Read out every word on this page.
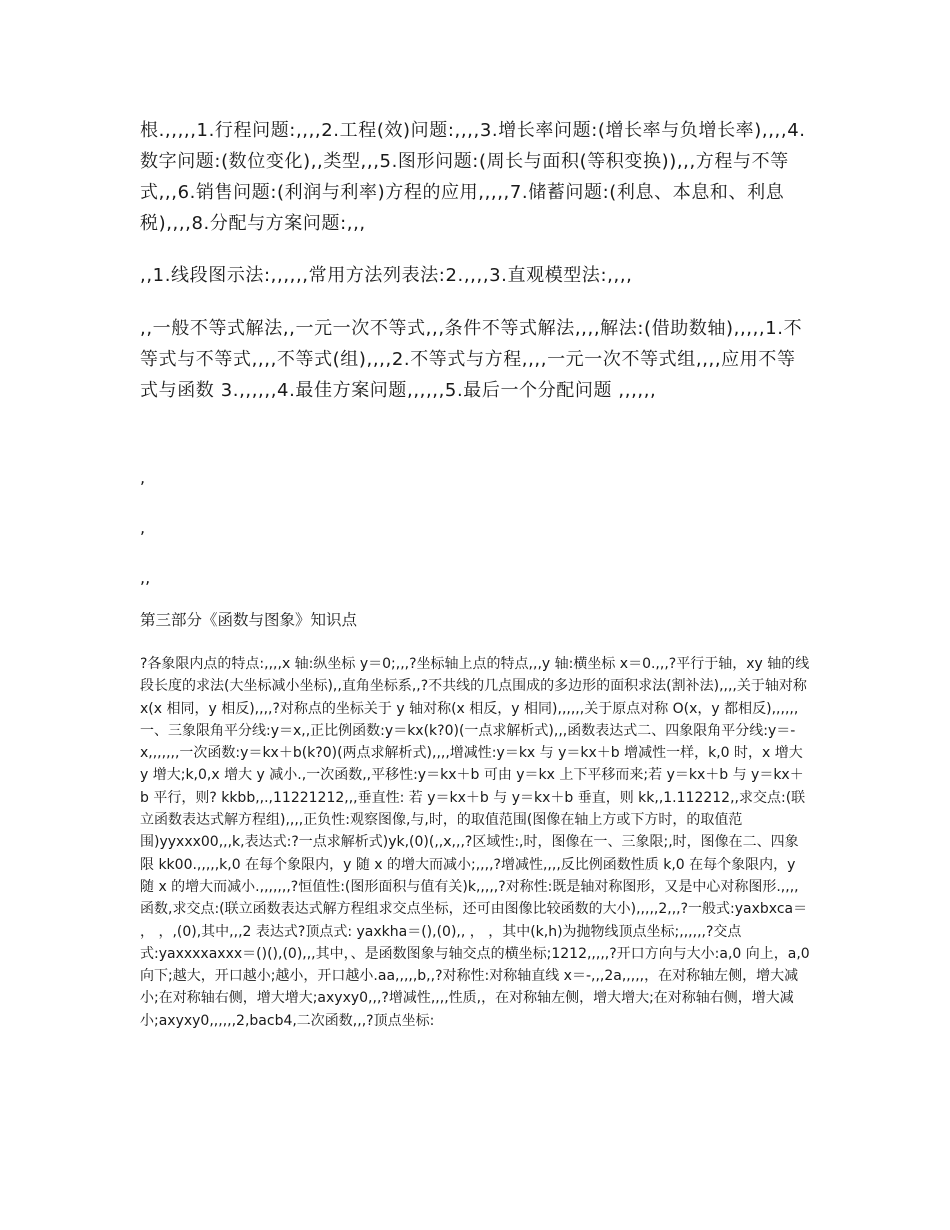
根.,,,,,1.行程问题:,,,,2.工程(效)问题:,,,,3.增长率问题:(增长率与负增长率),,,,4.数字问题:(数位变化),,类型,,,5.图形问题:(周长与面积(等积变换)),,,方程与不等式,,,6.销售问题:(利润与利率)方程的应用,,,,,7.储蓄问题:(利息、本息和、利息税),,,,8.分配与方案问题:,,,

,,1.线段图示法:,,,,,,常用方法列表法:2.,,,,3.直观模型法:,,,,

,,一般不等式解法,,一元一次不等式,,,条件不等式解法,,,,解法:(借助数轴),,,,,1.不等式与不等式,,,,不等式(组),,,,2.不等式与方程,,,,一元一次不等式组,,,,应用不等式与函数 3.,,,,,,4.最佳方案问题,,,,,,5.最后一个分配问题 ,,,,,,

,

,

,,

第三部分《函数与图象》知识点

?各象限内点的特点:,,,,x 轴:纵坐标 y＝0;,,,?坐标轴上点的特点,,,y 轴:横坐标 x＝0.,,,?平行于轴，xy 轴的线段长度的求法(大坐标减小坐标),,直角坐标系,,?不共线的几点围成的多边形的面积求法(割补法),,,,关于轴对称 x(x 相同，y 相反),,,,?对称点的坐标关于 y 轴对称(x 相反，y 相同),,,,,,关于原点对称 O(x，y 都相反),,,,,,一、三象限角平分线:y＝x,,正比例函数:y＝kx(k?0)(一点求解析式),,,函数表达式二、四象限角平分线:y＝-x,,,,,,,一次函数:y＝kx＋b(k?0)(两点求解析式),,,,增减性:y＝kx 与 y＝kx＋b 增减性一样，k,0 时，x 增大 y 增大;k,0,x 增大 y 减小.,一次函数,,平移性:y＝kx＋b 可由 y＝kx 上下平移而来;若 y＝kx＋b 与 y＝kx＋b 平行，则? kkbb,,.,11221212,,,垂直性: 若 y＝kx＋b 与 y＝kx＋b 垂直，则 kk,,1.112212,,求交点:(联立函数表达式解方程组),,,,正负性:观察图像,与,时，的取值范围(图像在轴上方或下方时，的取值范围)yyxxx00,,,k,表达式:?一点求解析式)yk,(0)(,,x,,,?区域性:,时，图像在一、三象限;,时，图像在二、四象限 kk00.,,,,,k,0 在每个象限内，y 随 x 的增大而减小;,,,,?增减性,,,,反比例函数性质 k,0 在每个象限内，y 随 x 的增大而减小.,,,,,,,?恒值性:(图形面积与值有关)k,,,,,?对称性:既是轴对称图形，又是中心对称图形.,,,,函数,求交点:(联立函数表达式解方程组求交点坐标，还可由图像比较函数的大小),,,,,2,,,?一般式:yaxbxca＝ ， ，,(0),其中,,,2 表达式?顶点式: yaxkha＝(),(0),, ， ，其中(k,h)为抛物线顶点坐标;,,,,,,?交点式:yaxxxxaxxx＝()(),(0),,,其中，、是函数图象与轴交点的横坐标;1212,,,,,?开口方向与大小:a,0 向上，a,0 向下;越大，开口越小;越小，开口越小.aa,,,,,b,,?对称性:对称轴直线 x＝-,,,2a,,,,,，在对称轴左侧，增大减小;在对称轴右侧，增大增大;axyxy0,,,?增减性,,,,性质,，在对称轴左侧，增大增大;在对称轴右侧，增大减小;axyxy0,,,,,,2,bacb4,二次函数,,,?顶点坐标:
